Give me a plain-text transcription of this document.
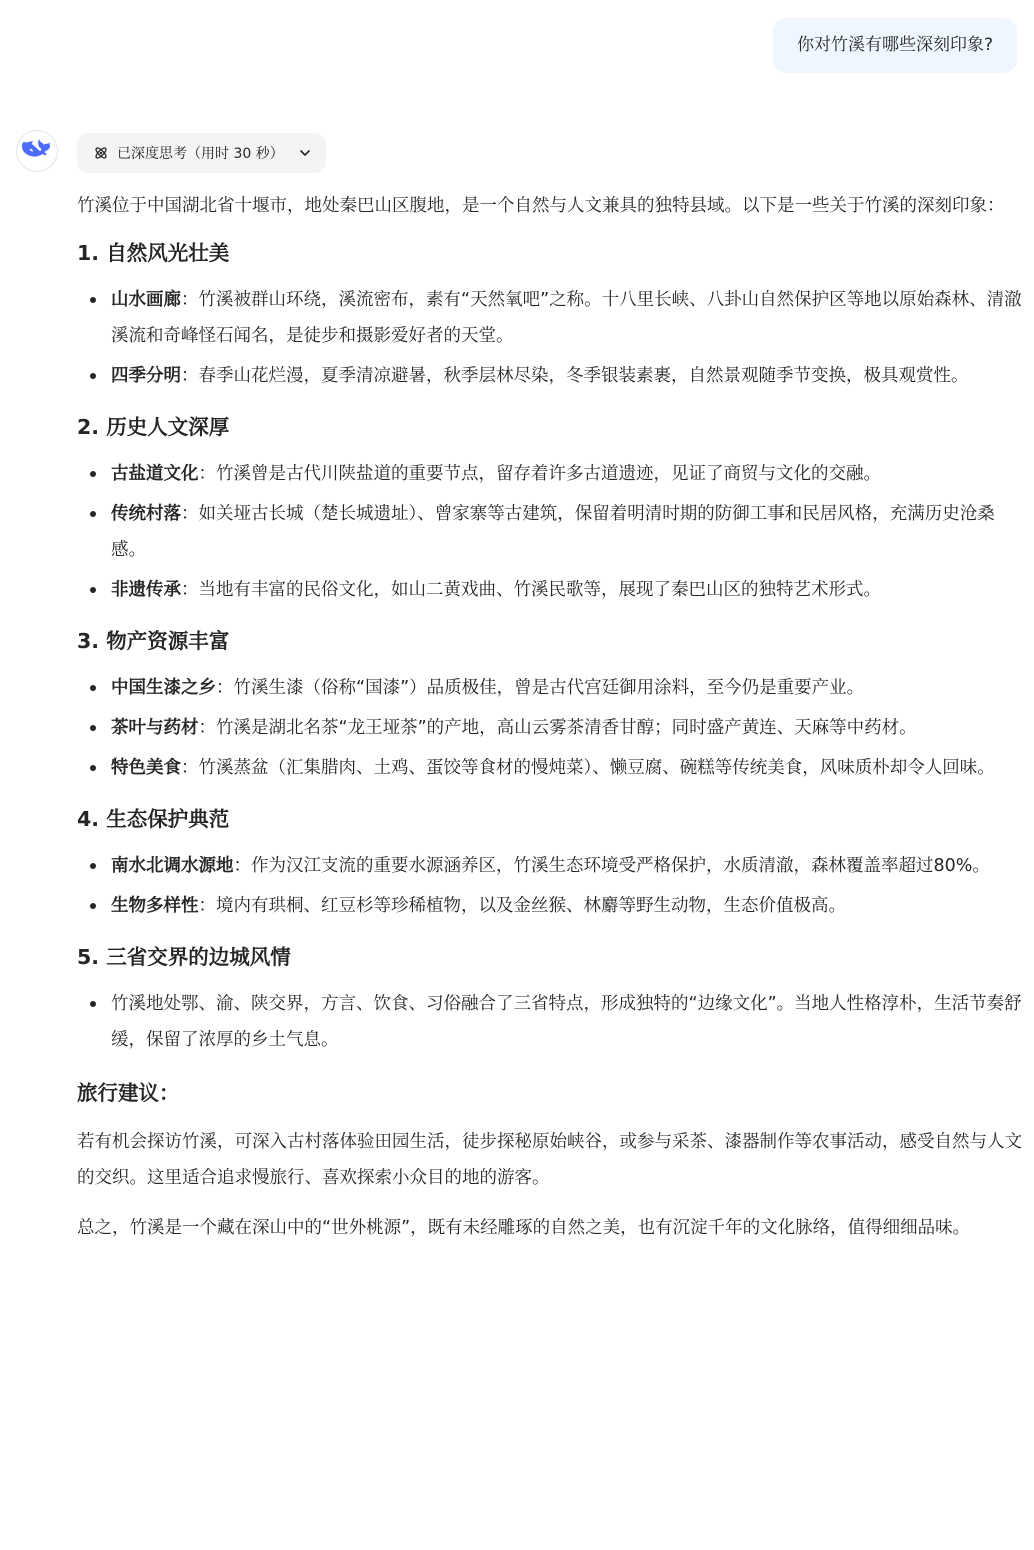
你对竹溪有哪些深刻印象?
已深度思考（用时 30 秒）

竹溪位于中国湖北省十堰市，地处秦巴山区腹地，是一个自然与人文兼具的独特县域。以下是一些关于竹溪的深刻印象：

1. 自然风光壮美
山水画廊：竹溪被群山环绕，溪流密布，素有“天然氧吧”之称。十八里长峡、八卦山自然保护区等地以原始森林、清澈溪流和奇峰怪石闻名，是徒步和摄影爱好者的天堂。
四季分明：春季山花烂漫，夏季清凉避暑，秋季层林尽染，冬季银装素裹，自然景观随季节变换，极具观赏性。
2. 历史人文深厚
古盐道文化：竹溪曾是古代川陕盐道的重要节点，留存着许多古道遗迹，见证了商贸与文化的交融。
传统村落：如关垭古长城（楚长城遗址）、曾家寨等古建筑，保留着明清时期的防御工事和民居风格，充满历史沧桑感。
非遗传承：当地有丰富的民俗文化，如山二黄戏曲、竹溪民歌等，展现了秦巴山区的独特艺术形式。
3. 物产资源丰富
中国生漆之乡：竹溪生漆（俗称“国漆”）品质极佳，曾是古代宫廷御用涂料，至今仍是重要产业。
茶叶与药材：竹溪是湖北名茶“龙王垭茶”的产地，高山云雾茶清香甘醇；同时盛产黄连、天麻等中药材。
特色美食：竹溪蒸盆（汇集腊肉、土鸡、蛋饺等食材的慢炖菜）、懒豆腐、碗糕等传统美食，风味质朴却令人回味。
4. 生态保护典范
南水北调水源地：作为汉江支流的重要水源涵养区，竹溪生态环境受严格保护，水质清澈，森林覆盖率超过80%。
生物多样性：境内有珙桐、红豆杉等珍稀植物，以及金丝猴、林麝等野生动物，生态价值极高。
5. 三省交界的边城风情
竹溪地处鄂、渝、陕交界，方言、饮食、习俗融合了三省特点，形成独特的“边缘文化”。当地人性格淳朴，生活节奏舒缓，保留了浓厚的乡土气息。
旅行建议：

若有机会探访竹溪，可深入古村落体验田园生活，徒步探秘原始峡谷，或参与采茶、漆器制作等农事活动，感受自然与人文的交织。这里适合追求慢旅行、喜欢探索小众目的地的游客。

总之，竹溪是一个藏在深山中的“世外桃源”，既有未经雕琢的自然之美，也有沉淀千年的文化脉络，值得细细品味。
